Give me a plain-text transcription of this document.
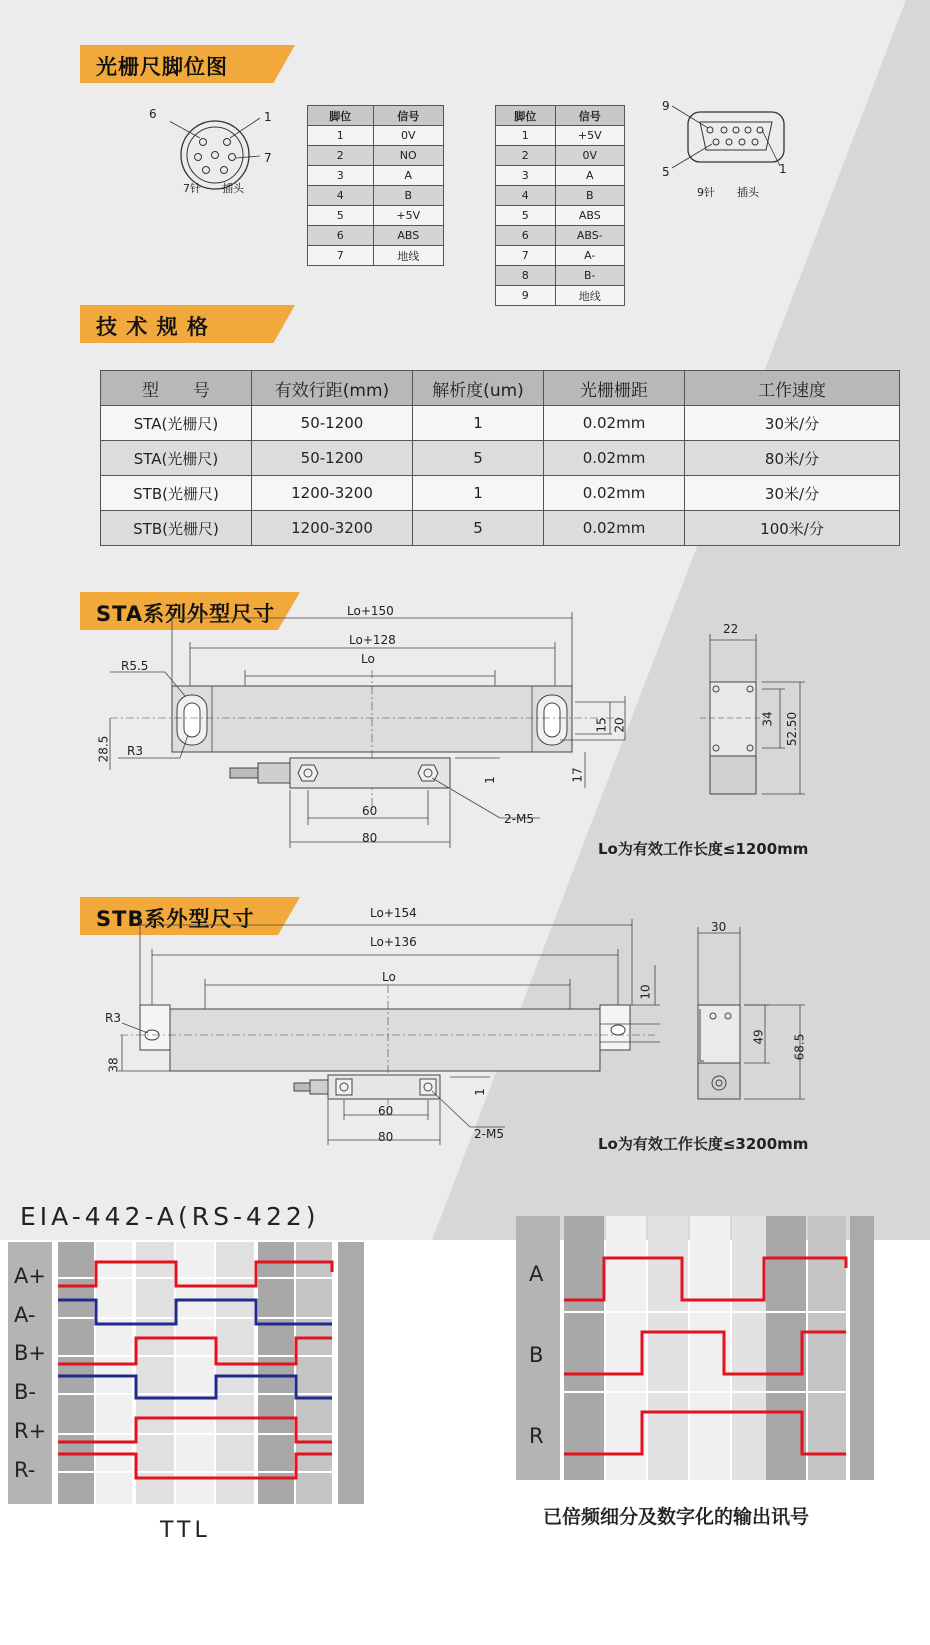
光栅尺脚位图
技 术 规 格
STA系列外型尺寸
STB系外型尺寸
6	1
7
7针 插头
9
5	1
9针 插头
脚位	信号
1	0V
2	NO
3	A
4	B
5	+5V
6	ABS
7	地线
脚位	信号
1	+5V
2	0V
3	A
4	B
5	ABS
6	ABS-
7	A-
8	B-
9	地线
型　　号	有效行距(mm)	解析度(um)	光栅栅距	工作速度
STA(光栅尺)	50-1200	1	0.02mm	30米/分
STA(光栅尺)	50-1200	5	0.02mm	80米/分
STB(光栅尺)	1200-3200	1	0.02mm	30米/分
STB(光栅尺)	1200-3200	5	0.02mm	100米/分
Lo+150
Lo+128
Lo
R5.5
R3
28.5
15 20
17
1
60
80
2-M5
22
34 52.50
Lo为有效工作长度≤1200mm
Lo+154
Lo+136
Lo
R3
38
10
1
60
80	2-M5
30
49 68.5
Lo为有效工作长度≤3200mm
EIA-442-A(RS-422)
A+
A-
B+
B-
R+
R-
TTL
A
B
R
已倍频细分及数字化的输出讯号
